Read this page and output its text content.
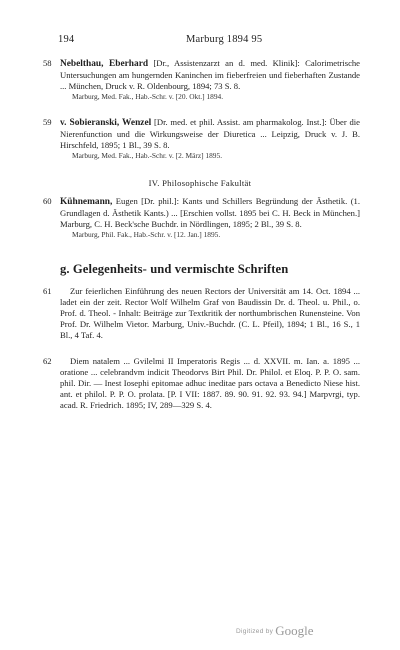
194	Marburg 1894 95
58 Nebelthau, Eberhard [Dr., Assistenzarzt an d. med. Klinik]: Calorimetrische Untersuchungen am hungernden Kaninchen im fieberfreien und fieberhaften Zustande ... München, Druck v. R. Oldenbourg, 1894; 73 S. 8.

Marburg, Med. Fak., Hab.-Schr. v. [20. Okt.] 1894.
59 v. Sobieranski, Wenzel [Dr. med. et phil. Assist. am pharmakolog. Inst.]: Über die Nierenfunction und die Wirkungsweise der Diuretica ... Leipzig, Druck v. J. B. Hirschfeld, 1895; 1 Bl., 39 S. 8.

Marburg, Med. Fak., Hab.-Schr. v. [2. März] 1895.
IV. Philosophische Fakultät
60 Kühnemann, Eugen [Dr. phil.]: Kants und Schillers Begründung der Ästhetik. (1. Grundlagen d. Ästhetik Kants.) ... [Erschien vollst. 1895 bei C. H. Beck in München.] Marburg, C. H. Beck'sche Buchdr. in Nördlingen, 1895; 2 Bl., 39 S. 8.

Marburg, Phil. Fak., Hab.-Schr. v. [12. Jan.] 1895.
g. Gelegenheits- und vermischte Schriften
61	Zur feierlichen Einführung des neuen Rectors der Universität am 14. Oct. 1894 ... ladet ein der zeit. Rector Wolf Wilhelm Graf von Baudissin Dr. d. Theol. u. Phil., o. Prof. d. Theol. - Inhalt: Beiträge zur Textkritik der northumbrischen Runensteine. Von Prof. Dr. Wilhelm Vietor. Marburg, Univ.-Buchdr. (C. L. Pfeil), 1894; 1 Bl., 16 S., 1 Bl., 4 Taf. 4.

62	Diem natalem ... Gvilelmi II Imperatoris Regis ... d. XXVII. m. Ian. a. 1895 ... oratione ... celebrandvm indicit Theodorvs Birt Phil. Dr. Philol. et Eloq. P. P. O. sam. phil. Dir. — Inest Iosephi epitomae adhuc ineditae pars octava a Benedicto Niese hist. ant. et philol. P. P. O. prolata. [P. I VII: 1887. 89. 90. 91. 92. 93. 94.] Marpvrgi, typ. acad. R. Friedrich. 1895; IV, 289—329 S. 4.

Digitized by Google
